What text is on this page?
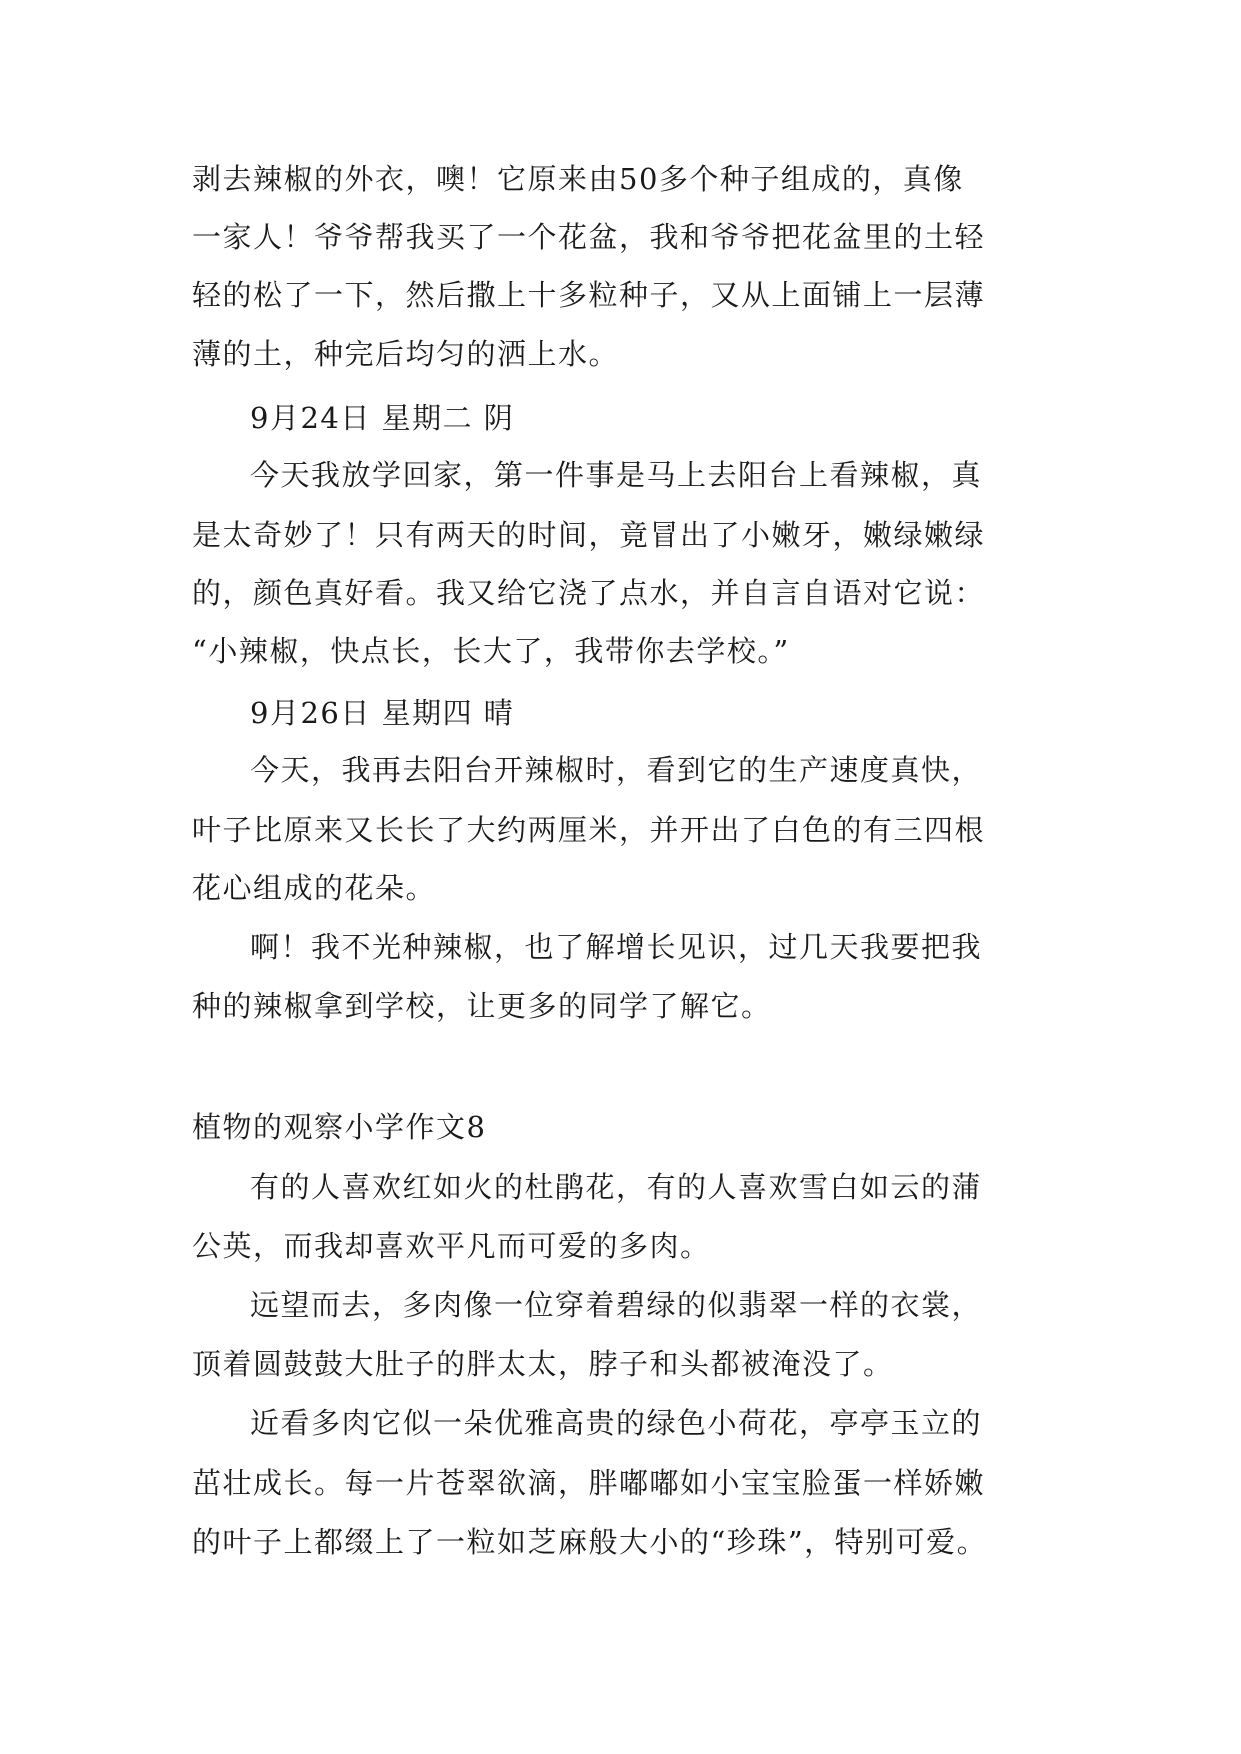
剥去辣椒的外衣，噢！它原来由50多个种子组成的，真像
一家人！爷爷帮我买了一个花盆，我和爷爷把花盆里的土轻
轻的松了一下，然后撒上十多粒种子，又从上面铺上一层薄
薄的土，种完后均匀的洒上水。
9月24日 星期二 阴
今天我放学回家，第一件事是马上去阳台上看辣椒，真
是太奇妙了！只有两天的时间，竟冒出了小嫩牙，嫩绿嫩绿
的，颜色真好看。我又给它浇了点水，并自言自语对它说：
“小辣椒，快点长，长大了，我带你去学校。”
9月26日 星期四 晴
今天，我再去阳台开辣椒时，看到它的生产速度真快，
叶子比原来又长长了大约两厘米，并开出了白色的有三四根
花心组成的花朵。
啊！我不光种辣椒，也了解增长见识，过几天我要把我
种的辣椒拿到学校，让更多的同学了解它。
植物的观察小学作文8
有的人喜欢红如火的杜鹃花，有的人喜欢雪白如云的蒲
公英，而我却喜欢平凡而可爱的多肉。
远望而去，多肉像一位穿着碧绿的似翡翠一样的衣裳，
顶着圆鼓鼓大肚子的胖太太，脖子和头都被淹没了。
近看多肉它似一朵优雅高贵的绿色小荷花，亭亭玉立的
茁壮成长。每一片苍翠欲滴，胖嘟嘟如小宝宝脸蛋一样娇嫩
的叶子上都缀上了一粒如芝麻般大小的“珍珠”，特别可爱。
